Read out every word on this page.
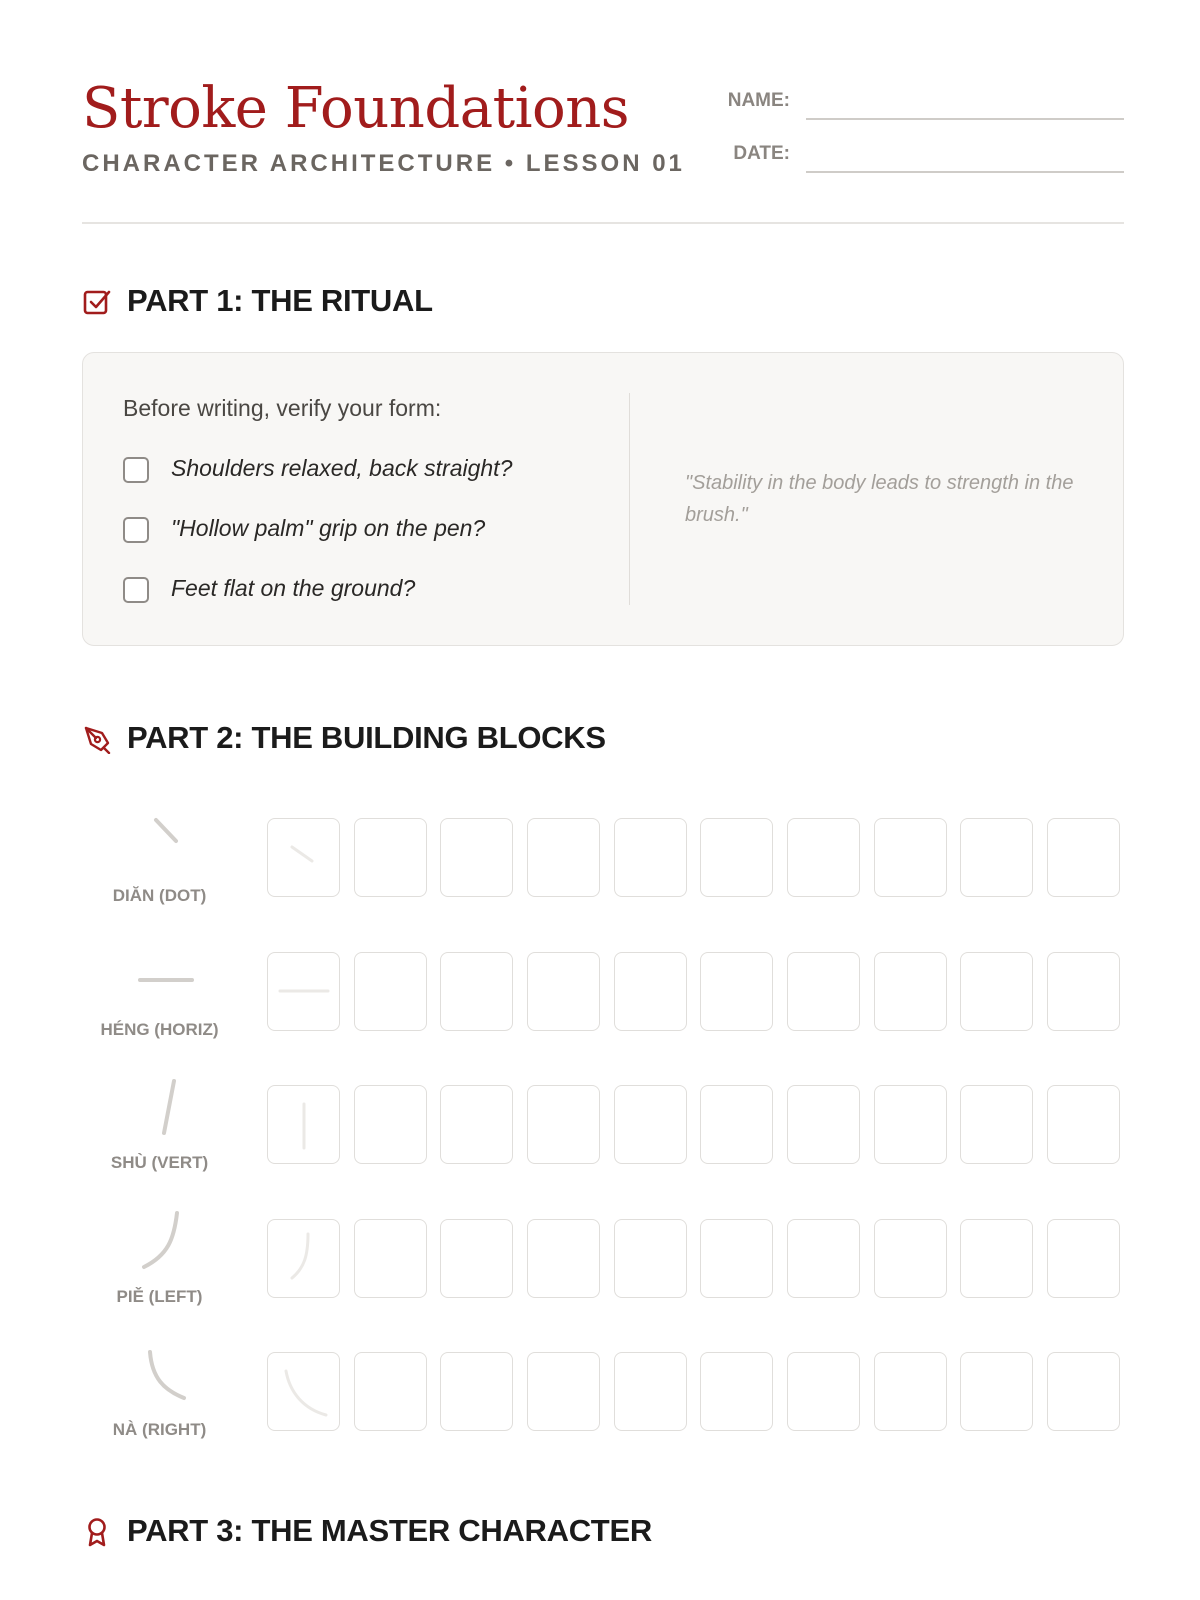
Stroke Foundations
CHARACTER ARCHITECTURE • LESSON 01
NAME:
DATE:
PART 1: THE RITUAL
Before writing, verify your form:
Shoulders relaxed, back straight?
"Hollow palm" grip on the pen?
Feet flat on the ground?
"Stability in the body leads to strength in the brush."
PART 2: THE BUILDING BLOCKS
DIĂN (DOT)
HÉNG (HORIZ)
SHÙ (VERT)
PIĚ (LEFT)
NÀ (RIGHT)
PART 3: THE MASTER CHARACTER
